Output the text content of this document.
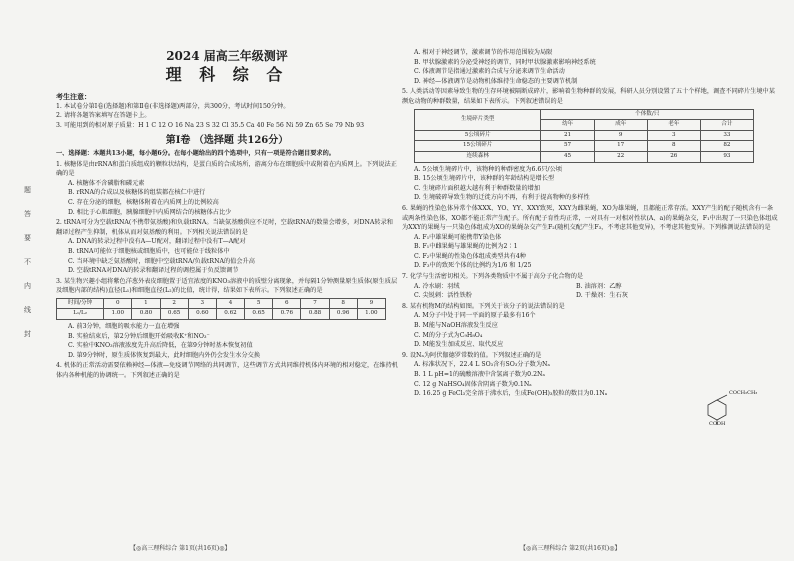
题
答
要
不
内
线
封
2024 届高三年级测评
理 科 综 合
考生注意：
1. 本试卷分第Ⅰ卷(选择题)和第Ⅱ卷(非选择题)两部分，共300分，考试时间150分钟。
2. 请将各题答案填写在答题卡上。
3. 可能用到的相对原子质量：H 1 C 12 O 16 Na 23 S 32 Cl 35.5 Ca 40 Fe 56 Ni 59 Zn 65 Se 79 Nb 93
第Ⅰ卷 （选择题 共126分）
一、选择题：本题共13小题，每小题6分。在每小题给出的四个选项中，只有一项是符合题目要求的。
1. 核糖体是由rRNA和蛋白质组成的颗粒状结构，是蛋白质的合成场所，游离分布在细胞质中或附着在内质网上。下列说法正确的是
A. 核糖体不含磷脂和磷元素
B. rRNA的合成以及核糖体的组装都在核仁中进行
C. 存在分泌的细胞，核糖体附着在内质网上的比例较高
D. 相比于心肌细胞，胰腺细胞中内质网结合的核糖体占比少
2. tRNA可分为空载tRNA(不携带氨基酸)和负载tRNA。当缺氨基酸供应不足时，空载tRNA的数量会增多，对DNA转录和翻译过程产生抑制，机体从而对氨基酸的利用。下列相关说法错误的是
A. DNA的转录过程中没有A—U配对，翻译过程中没有T—A配对
B. tRNA可能位于细胞核或细胞质中，也可能位于线粒体中
C. 当环境中缺乏氨基酸时，细胞中空载tRNA/负载tRNA的值会升高
D. 空载tRNA对DNA的转录和翻译过程的调控属于负反馈调节
3. 某生物兴趣小组将紫色洋葱外表皮细胞置于适宜浓度的KNO₃溶液中的质壁分离现象，并每隔1分钟测量原生质体(原生质层及细胞内部的结构)直径(L₁)和细胞直径(L₂)的比值，统计得，结果如下表所示。下列叙述正确的是
时间/分钟	0	1	2	3	4	5	6	7	8	9
L₁/L₂	1.00	0.80	0.65	0.60	0.62	0.65	0.76	0.88	0.96	1.00
A. 前3分钟，细胞的吸水能力一直在增强
B. 实验结束后，第2分钟后细胞开始吸收K⁺和NO₃⁻
C. 实验中KNO₃溶液浓度先升高后降低，在第9分钟时基本恢复初值
D. 第9分钟时，原生质体恢复到最大，此时细胞内外仍会发生水分交换
4. 机体的正常活动需要依赖神经—体液—免疫调节网络的共同调节，这些调节方式共同维持机体内环境的相对稳定，在维持机体内各种机能的协调统一。下列叙述正确的是
A. 相对于神经调节，激素调节的作用范围较为局限
B. 甲状腺激素的分泌受神经的调节，同时甲状腺激素影响神经系统
C. 体液调节是指通过激素的合成与分泌来调节生命活动
D. 神经—体液调节是动物机体维持生命稳态的主要调节机制
5. 人类活动等因素导致生物的生存环境被隔断成碎片，影响着生物种群的发展，科研人员分别设置了五十个样地，调查不同碎片生境中某濒危动物的种群数量，结果如下表所示。下列叙述错误的是
生境碎片类型	个体数/只			
	幼年	成年	老年	合计
5公顷碎片	21	9	3	33
15公顷碎片	57	17	8	82
连续森林	45	22	26	93
A. 5公顷生境碎片中，该物种的种群密度为6.6只/公顷
B. 15公顷生境碎片中，该种群的年龄结构是增长型
C. 生境碎片面积越大越有利于种群数量的增加
D. 生境破碎导致生物的迁徙方向不再，有利于提高物种的多样性
6. 果蝇的性染色体异常个体XXX、YO、YY、XXY致死，XXY为雌果蝇，XO为雄果蝇，且都能正常存活。XXY产生的配子随机含有一条或两条性染色体，XO都不能正常产生配子。所有配子育性均正常，一对具有一对相对性状(A、a)的果蝇杂交，F₁中出现了一只染色体组成为XXY的果蝇与一只染色体组成为XO的果蝇杂交产生F₂(随机交配产生F₃，不考虑其他变异)，不考虑其他变异。下列推测说法错误的是
A. F₁中雄果蝇可能携带Y染色体
B. F₁中雌果蝇与雄果蝇的比例为2∶1
C. F₂中果蝇的性染色体组成类型共有4种
D. F₃中的致死个体的比例约为1/6 和 1/25
7. 化学与生活密切相关。下列各类物质中不属于高分子化合物的是
A. 冷水刷：羽绒	B. 油溶剂：乙醇
C. 尖锐刺：活性铁粉	D. 干燥剂：生石灰
8. 某有机物M的结构如图。下列关于该分子的说法错误的是
A. M分子中处于同一平面的原子最多有16个
B. M能与NaOH溶液发生反应
C. M的分子式为C₉H₈O₄
D. M能发生加成反应、取代反应
9. 设Nₐ为阿伏伽德罗常数的值。下列叙述正确的是
A. 标准状况下，22.4 L SO₃含有SO₃分子数为Nₐ
B. 1 L pH=1的硫酸溶液中含氢离子数为0.2Nₐ
C. 12 g NaHSO₄固体含阴离子数为0.1Nₐ
D. 16.25 g FeCl₃完全溶于沸水后，生成Fe(OH)₃胶粒的数目为0.1Nₐ	COCH₂CH₃
COOH
【◎高三理科综合 第1页(共16页)◎】	【◎高三理科综合 第2页(共16页)◎】
